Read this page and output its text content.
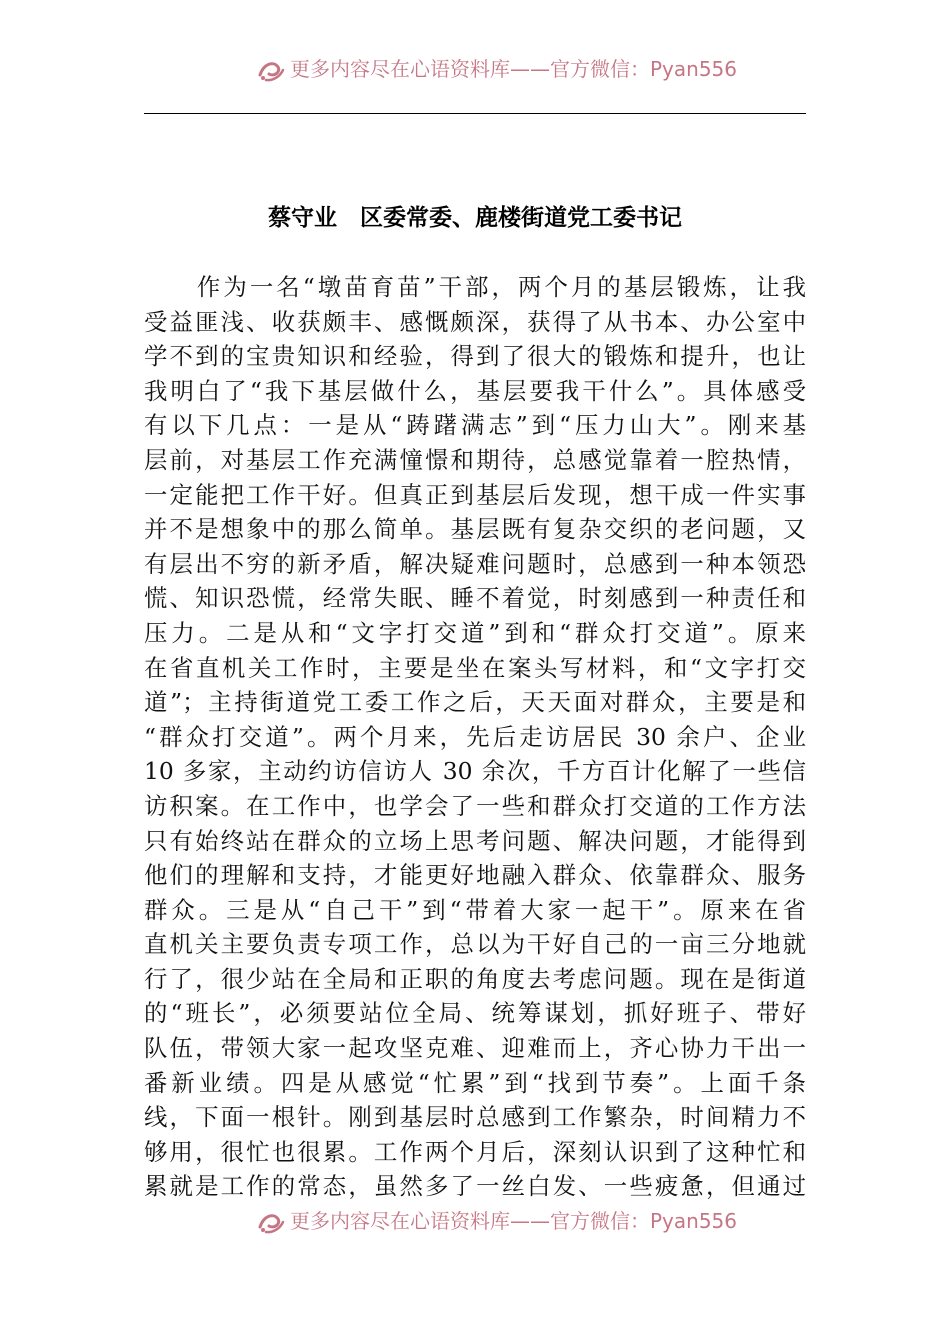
更多内容尽在心语资料库——官方微信：Pyan556
蔡守业　区委常委、鹿楼街道党工委书记
　　作为一名“墩苗育苗”干部，两个月的基层锻炼，让我
受益匪浅、收获颇丰、感慨颇深，获得了从书本、办公室中
学不到的宝贵知识和经验，得到了很大的锻炼和提升，也让
我明白了“我下基层做什么，基层要我干什么”。具体感受
有以下几点：一是从“踌躇满志”到“压力山大”。刚来基
层前，对基层工作充满憧憬和期待，总感觉靠着一腔热情，
一定能把工作干好。但真正到基层后发现，想干成一件实事
并不是想象中的那么简单。基层既有复杂交织的老问题，又
有层出不穷的新矛盾，解决疑难问题时，总感到一种本领恐
慌、知识恐慌，经常失眠、睡不着觉，时刻感到一种责任和
压力。二是从和“文字打交道”到和“群众打交道”。原来
在省直机关工作时，主要是坐在案头写材料，和“文字打交
道”；主持街道党工委工作之后，天天面对群众，主要是和
“群众打交道”。两个月来，先后走访居民 30 余户、企业
10 多家，主动约访信访人 30 余次，千方百计化解了一些信
访积案。在工作中，也学会了一些和群众打交道的工作方法
只有始终站在群众的立场上思考问题、解决问题，才能得到
他们的理解和支持，才能更好地融入群众、依靠群众、服务
群众。三是从“自己干”到“带着大家一起干”。原来在省
直机关主要负责专项工作，总以为干好自己的一亩三分地就
行了，很少站在全局和正职的角度去考虑问题。现在是街道
的“班长”，必须要站位全局、统筹谋划，抓好班子、带好
队伍，带领大家一起攻坚克难、迎难而上，齐心协力干出一
番新业绩。四是从感觉“忙累”到“找到节奏”。上面千条
线，下面一根针。刚到基层时总感到工作繁杂，时间精力不
够用，很忙也很累。工作两个月后，深刻认识到了这种忙和
累就是工作的常态，虽然多了一丝白发、一些疲惫，但通过
更多内容尽在心语资料库——官方微信：Pyan556
